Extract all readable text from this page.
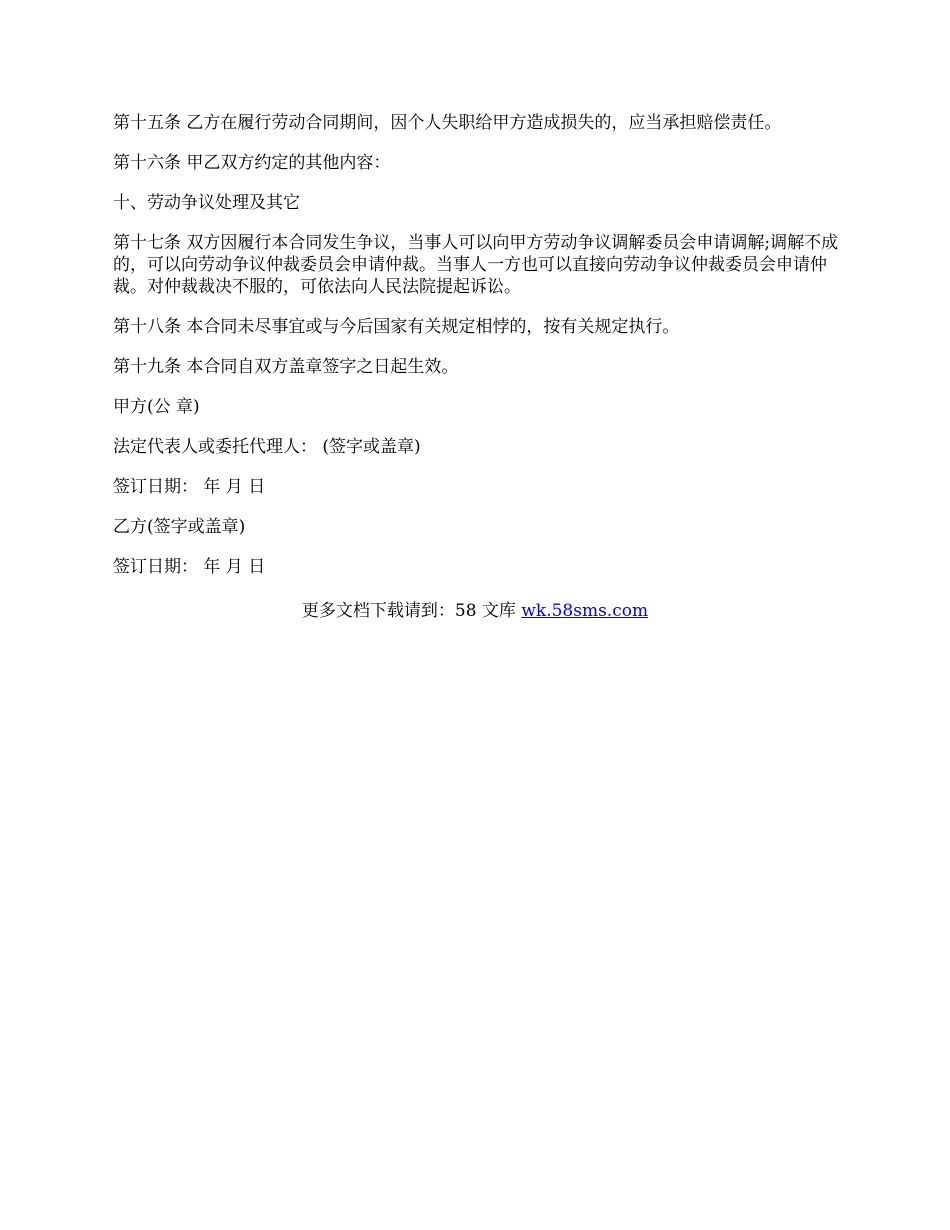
第十五条 乙方在履行劳动合同期间，因个人失职给甲方造成损失的，应当承担赔偿责任。

第十六条 甲乙双方约定的其他内容：

十、劳动争议处理及其它

第十七条 双方因履行本合同发生争议，当事人可以向甲方劳动争议调解委员会申请调解;调解不成的，可以向劳动争议仲裁委员会申请仲裁。当事人一方也可以直接向劳动争议仲裁委员会申请仲裁。对仲裁裁决不服的，可依法向人民法院提起诉讼。

第十八条 本合同未尽事宜或与今后国家有关规定相悖的，按有关规定执行。

第十九条 本合同自双方盖章签字之日起生效。

甲方(公 章)

法定代表人或委托代理人： (签字或盖章)

签订日期： 年 月 日

乙方(签字或盖章)

签订日期： 年 月 日

更多文档下载请到：58 文库 wk.58sms.com
